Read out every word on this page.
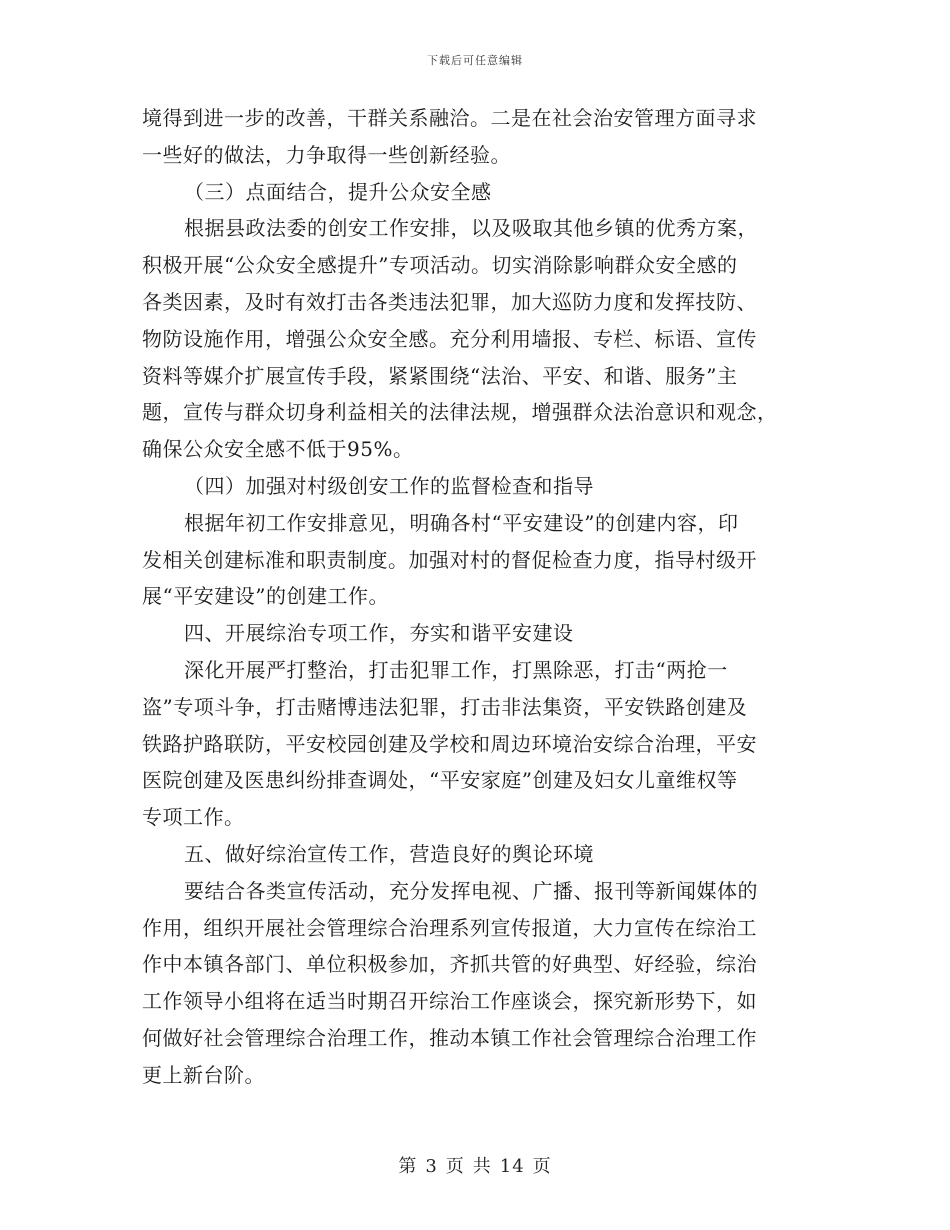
下载后可任意编辑
境得到进一步的改善，干群关系融洽。二是在社会治安管理方面寻求
一些好的做法，力争取得一些创新经验。
（三）点面结合，提升公众安全感
根据县政法委的创安工作安排，以及吸取其他乡镇的优秀方案，
积极开展“公众安全感提升”专项活动。切实消除影响群众安全感的
各类因素，及时有效打击各类违法犯罪，加大巡防力度和发挥技防、
物防设施作用，增强公众安全感。充分利用墙报、专栏、标语、宣传
资料等媒介扩展宣传手段，紧紧围绕“法治、平安、和谐、服务”主
题，宣传与群众切身利益相关的法律法规，增强群众法治意识和观念，
确保公众安全感不低于95%。
（四）加强对村级创安工作的监督检查和指导
根据年初工作安排意见，明确各村“平安建设”的创建内容，印
发相关创建标准和职责制度。加强对村的督促检查力度，指导村级开
展“平安建设”的创建工作。
四、开展综治专项工作，夯实和谐平安建设
深化开展严打整治，打击犯罪工作，打黑除恶，打击“两抢一
盗”专项斗争，打击赌博违法犯罪，打击非法集资，平安铁路创建及
铁路护路联防，平安校园创建及学校和周边环境治安综合治理，平安
医院创建及医患纠纷排查调处，“平安家庭”创建及妇女儿童维权等
专项工作。
五、做好综治宣传工作，营造良好的舆论环境
要结合各类宣传活动，充分发挥电视、广播、报刊等新闻媒体的
作用，组织开展社会管理综合治理系列宣传报道，大力宣传在综治工
作中本镇各部门、单位积极参加，齐抓共管的好典型、好经验，综治
工作领导小组将在适当时期召开综治工作座谈会，探究新形势下，如
何做好社会管理综合治理工作，推动本镇工作社会管理综合治理工作
更上新台阶。
第 3 页 共 14 页
